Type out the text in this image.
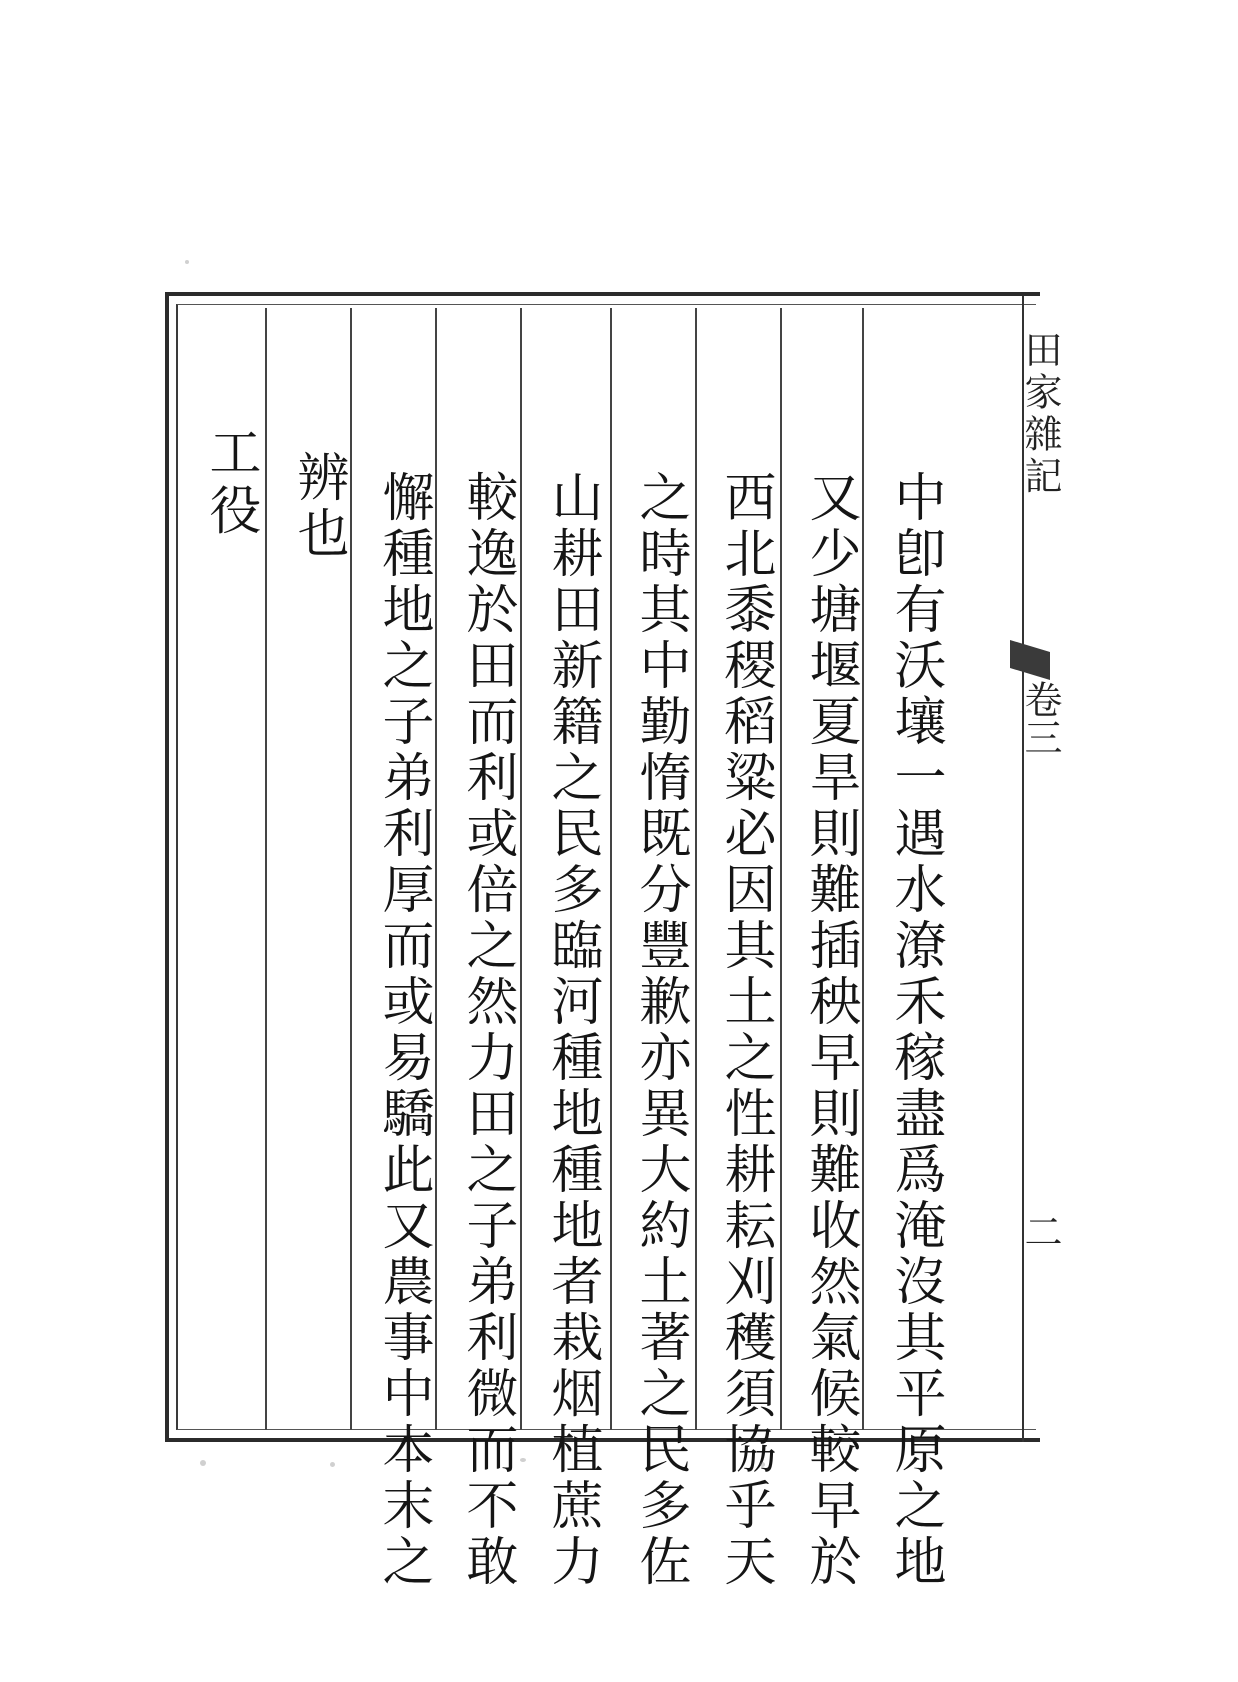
田家雜記
卷三
二
中卽有沃壤一遇水潦禾稼盡爲淹沒其平原之地
又少塘堰夏旱則難插秧早則難收然氣候較早於
西北黍稷稻粱必因其土之性耕耘刈穫須協乎天
之時其中勤惰既分豐歉亦異大約土著之民多佐
山耕田新籍之民多臨河種地種地者栽烟植蔗力
較逸於田而利或倍之然力田之子弟利微而不敢
懈種地之子弟利厚而或易驕此又農事中本末之
辨也
工役
